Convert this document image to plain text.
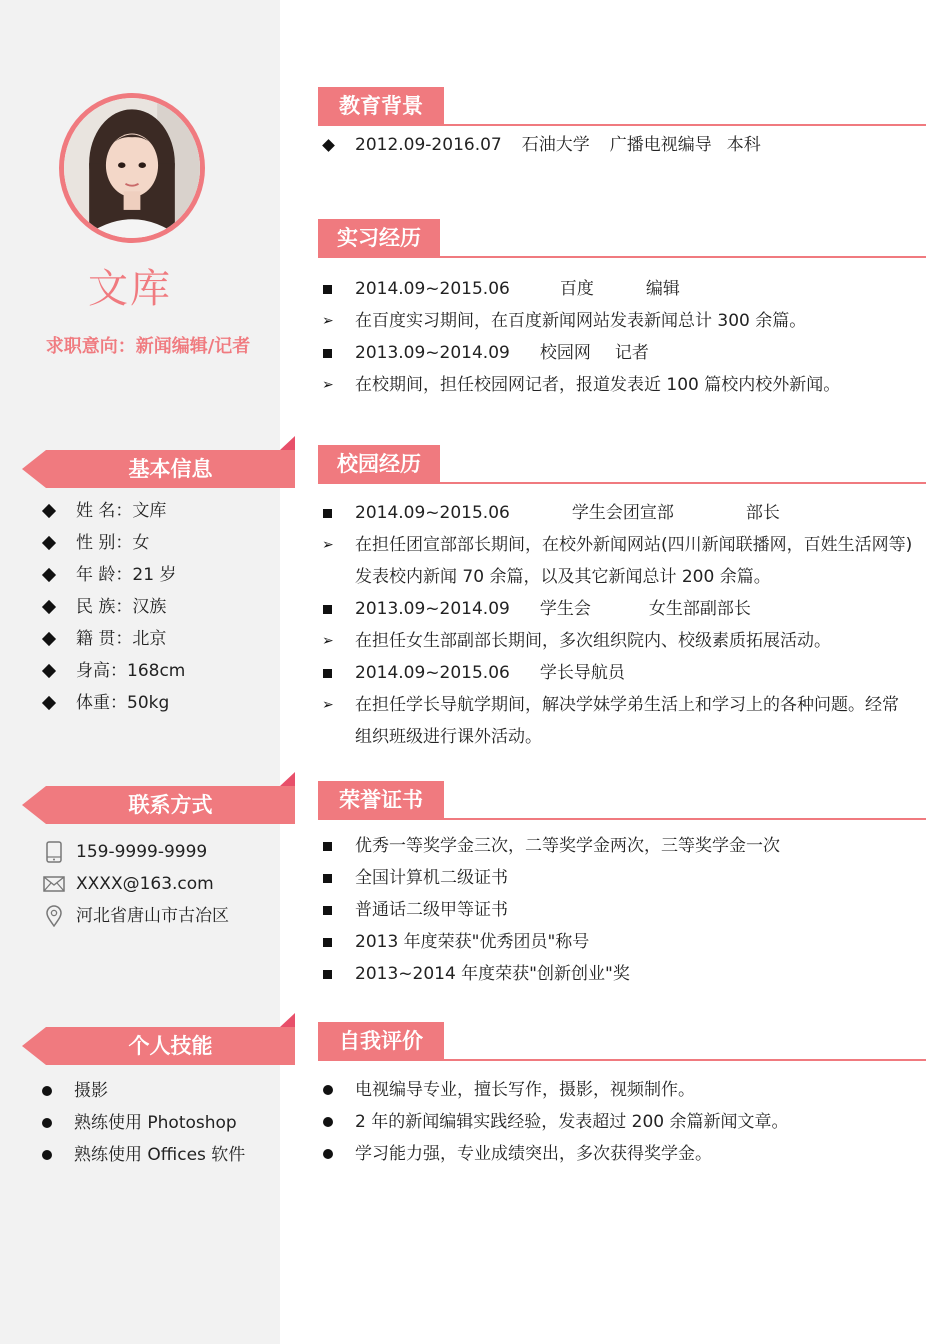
文库
求职意向：新闻编辑/记者
基本信息
姓 名：文库
性 别：女
年 龄：21 岁
民 族：汉族
籍 贯：北京
身高：168cm
体重：50kg
联系方式
159-9999-9999
XXXX@163.com
河北省唐山市古冶区
个人技能
摄影
熟练使用 Photoshop
熟练使用 Offices 软件
教育背景
2012.09-2016.07 石油大学 广播电视编导 本科
实习经历
2014.09~2015.06	百度	编辑
➢ 在百度实习期间，在百度新闻网站发表新闻总计 300 余篇。
2013.09~2014.09 校园网 记者
➢ 在校期间，担任校园网记者，报道发表近 100 篇校内校外新闻。
校园经历
2014.09~2015.06	学生会团宣部	部长
➢ 在担任团宣部部长期间，在校外新闻网站(四川新闻联播网，百姓生活网等)
发表校内新闻 70 余篇，以及其它新闻总计 200 余篇。
2013.09~2014.09 学生会	女生部副部长
➢ 在担任女生部副部长期间，多次组织院内、校级素质拓展活动。
2014.09~2015.06 学长导航员
➢ 在担任学长导航学期间，解决学妹学弟生活上和学习上的各种问题。经常
组织班级进行课外活动。
荣誉证书
优秀一等奖学金三次，二等奖学金两次，三等奖学金一次
全国计算机二级证书
普通话二级甲等证书
2013 年度荣获"优秀团员"称号
2013~2014 年度荣获"创新创业"奖
自我评价
电视编导专业，擅长写作，摄影，视频制作。
2 年的新闻编辑实践经验，发表超过 200 余篇新闻文章。
学习能力强，专业成绩突出，多次获得奖学金。
